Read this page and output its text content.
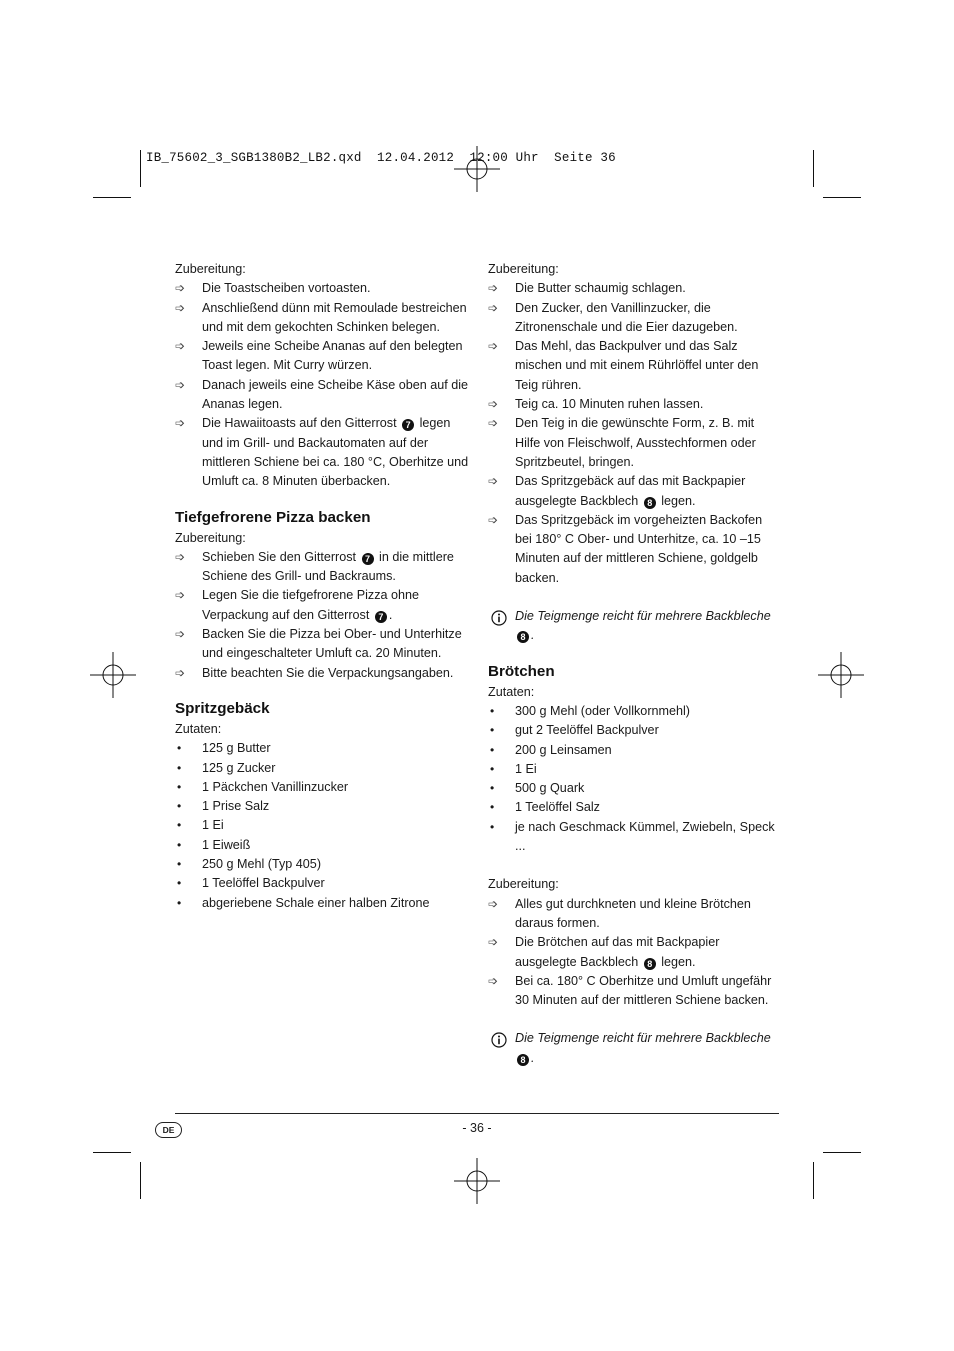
IB_75602_3_SGB1380B2_LB2.qxd  12.04.2012  12:00 Uhr  Seite 36

Zubereitung:

➩ Die Toastscheiben vortoasten.
➩ Anschließend dünn mit Remoulade bestreichen und mit dem gekochten Schinken belegen.
➩ Jeweils eine Scheibe Ananas auf den belegten Toast legen. Mit Curry würzen.
➩ Danach jeweils eine Scheibe Käse oben auf die Ananas legen.
➩ Die Hawaiitoasts auf den Gitterrost 7 legen und im Grill- und Backautomaten auf der mittleren Schiene bei ca. 180 °C, Oberhitze und Umluft ca. 8 Minuten überbacken.
Tiefgefrorene Pizza backen

Zubereitung:

➩ Schieben Sie den Gitterrost 7 in die mittlere Schiene des Grill- und Backraums.
➩ Legen Sie die tiefgefrorene Pizza ohne Verpackung auf den Gitterrost 7 .
➩ Backen Sie die Pizza bei Ober- und Unterhitze und eingeschalteter Umluft ca. 20 Minuten.
➩ Bitte beachten Sie die Verpackungsangaben.
Spritzgebäck

Zutaten:

• 125 g Butter
• 125 g Zucker
• 1 Päckchen Vanillinzucker
• 1 Prise Salz
• 1 Ei
• 1 Eiweiß
• 250 g Mehl (Typ 405)
• 1 Teelöffel Backpulver
• abgeriebene Schale einer halben Zitrone

Zubereitung:

➩ Die Butter schaumig schlagen.
➩ Den Zucker, den Vanillinzucker, die Zitronenschale und die Eier dazugeben.
➩ Das Mehl, das Backpulver und das Salz mischen und mit einem Rührlöffel unter den Teig rühren.
➩ Teig ca. 10 Minuten ruhen lassen.
➩ Den Teig in die gewünschte Form, z. B. mit Hilfe von Fleischwolf, Ausstechformen oder Spritzbeutel, bringen.
➩ Das Spritzgebäck auf das mit Backpapier ausgelegte Backblech 8 legen.
➩ Das Spritzgebäck im vorgeheizten Backofen bei 180° C Ober- und Unterhitze, ca. 10 –15 Minuten auf der mittleren Schiene, goldgelb backen.
Die Teigmenge reicht für mehrere Backbleche 8 .
Brötchen

Zutaten:

• 300 g Mehl (oder Vollkornmehl)
• gut 2 Teelöffel Backpulver
• 200 g Leinsamen
• 1 Ei
• 500 g Quark
• 1 Teelöffel Salz
• je nach Geschmack Kümmel, Zwiebeln, Speck ...

Zubereitung:

➩ Alles gut durchkneten und kleine Brötchen daraus formen.
➩ Die Brötchen auf das mit Backpapier ausgelegte Backblech 8 legen.
➩ Bei ca. 180° C Oberhitze und Umluft ungefähr 30 Minuten auf der mittleren Schiene backen.
Die Teigmenge reicht für mehrere Backbleche 8 .
DE	- 36 -
